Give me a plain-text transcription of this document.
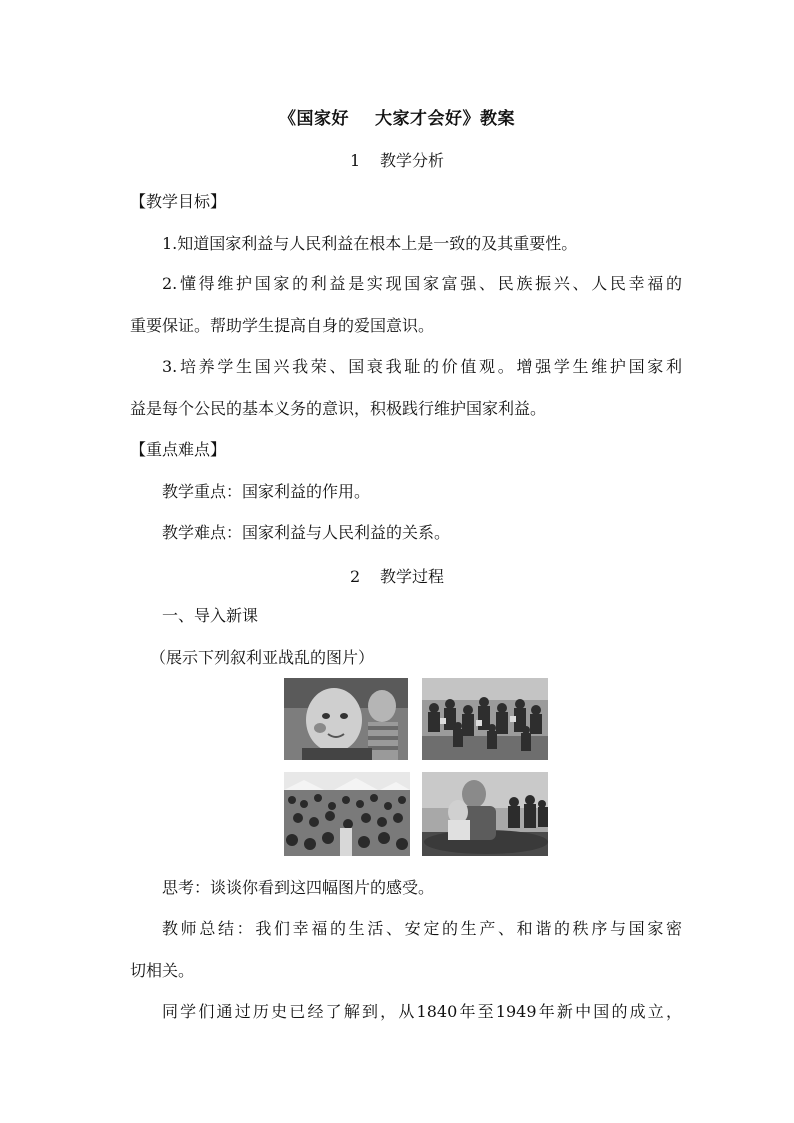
《国家好 大家才会好》教案
1 教学分析
【教学目标】
1.知道国家利益与人民利益在根本上是一致的及其重要性。
2.懂得维护国家的利益是实现国家富强、民族振兴、人民幸福的
重要保证。帮助学生提高自身的爱国意识。
3.培养学生国兴我荣、国衰我耻的价值观。增强学生维护国家利
益是每个公民的基本义务的意识，积极践行维护国家利益。
【重点难点】
教学重点：国家利益的作用。
教学难点：国家利益与人民利益的关系。
2 教学过程
一、导入新课
（展示下列叙利亚战乱的图片）
思考：谈谈你看到这四幅图片的感受。
教师总结：我们幸福的生活、安定的生产、和谐的秩序与国家密
切相关。
同学们通过历史已经了解到，从1840年至1949年新中国的成立，
